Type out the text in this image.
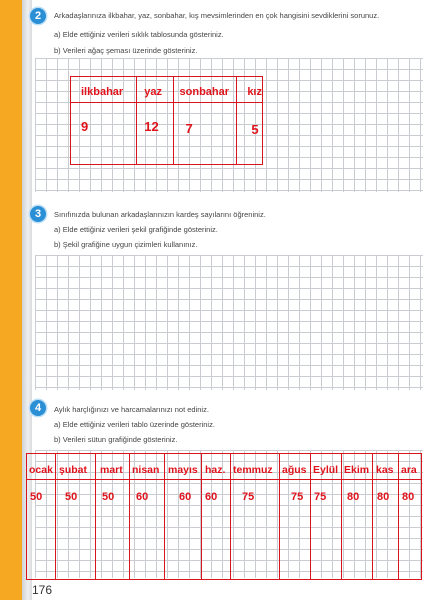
2	Arkadaşlarınıza ilkbahar, yaz, sonbahar, kış mevsimlerinden en çok hangisini sevdiklerini sorunuz.
a) Elde ettiğiniz verileri sıklık tablosunda gösteriniz.
b) Verileri ağaç şeması üzerinde gösteriniz.
ilkbahar	yaz	sonbahar	kız
9	12	7	5
3	Sınıfınızda bulunan arkadaşlarınızın kardeş sayılarını öğreniniz.
a) Elde ettiğiniz verileri şekil grafiğinde gösteriniz.
b) Şekil grafiğine uygun çizimleri kullanınız.
4	Aylık harçlığınızı ve harcamalarınızı not ediniz.
a) Elde ettiğiniz verileri tablo üzerinde gösteriniz.
b) Verileri sütun grafiğinde gösteriniz.
ocak	şubat	mart	nisan	mayıs	haz.	temmuz	ağus	Eylül	Ekim	kas	ara
50	50	50	60	60	60	75	75	75	80	80	80
176
